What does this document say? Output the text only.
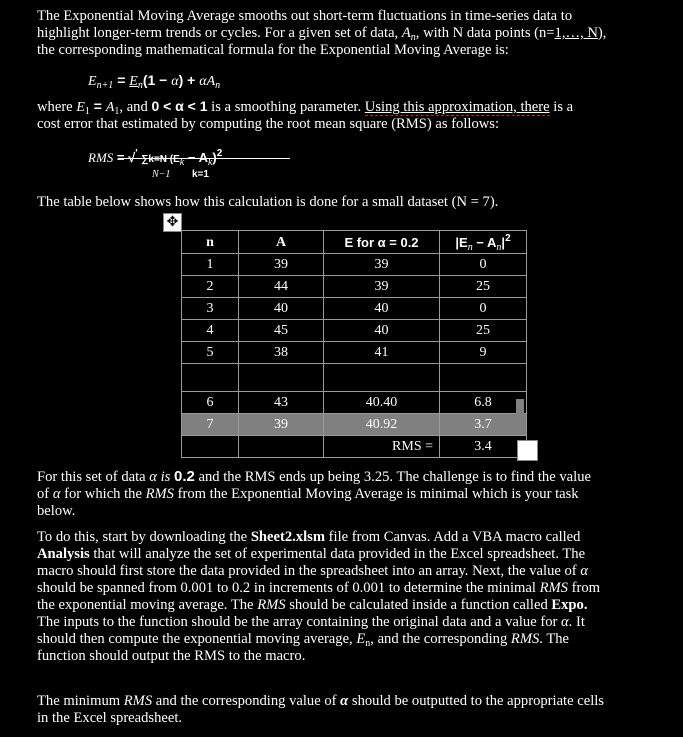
The Exponential Moving Average smooths out short-term fluctuations in time-series data to

highlight longer-term trends or cycles. For a given set of data, $A_n$, with N data points (n=1,…, N),

the corresponding mathematical formula for the Exponential Moving Average is:

$E_{n+1} = E_n(1 - \alpha) + \alpha A_n$

where $E_1 = A_1$, and 0 < α < 1 is a smoothing parameter. Using this approximation, there is a

cost error that estimated by computing the root mean square (RMS) as follows:

RMS = √' ∑k=N $(E_k - A_k)^2$
N−1 k=1

The table below shows how this calculation is done for a small dataset (N = 7).

✥
n	A	E for α = 0.2	$|E_n - A_n|^2$
1	39	39	0
2	44	39	25
3	40	40	0
4	45	40	25
5	38	41	9

6	43	40.40	6.8
7	39	40.92	3.7
		RMS =	3.4

For this set of data α is 0.2 and the RMS ends up being 3.25. The challenge is to find the value

of α for which the RMS from the Exponential Moving Average is minimal which is your task

below.

To do this, start by downloading the Sheet2.xlsm file from Canvas. Add a VBA macro called

Analysis that will analyze the set of experimental data provided in the Excel spreadsheet. The

macro should first store the data provided in the spreadsheet into an array. Next, the value of α

should be spanned from 0.001 to 0.2 in increments of 0.001 to determine the minimal RMS from

the exponential moving average. The RMS should be calculated inside a function called Expo.

The inputs to the function should be the array containing the original data and a value for α. It

should then compute the exponential moving average, $E_n$, and the corresponding RMS. The

function should output the RMS to the macro.

The minimum RMS and the corresponding value of α should be outputted to the appropriate cells

in the Excel spreadsheet.
